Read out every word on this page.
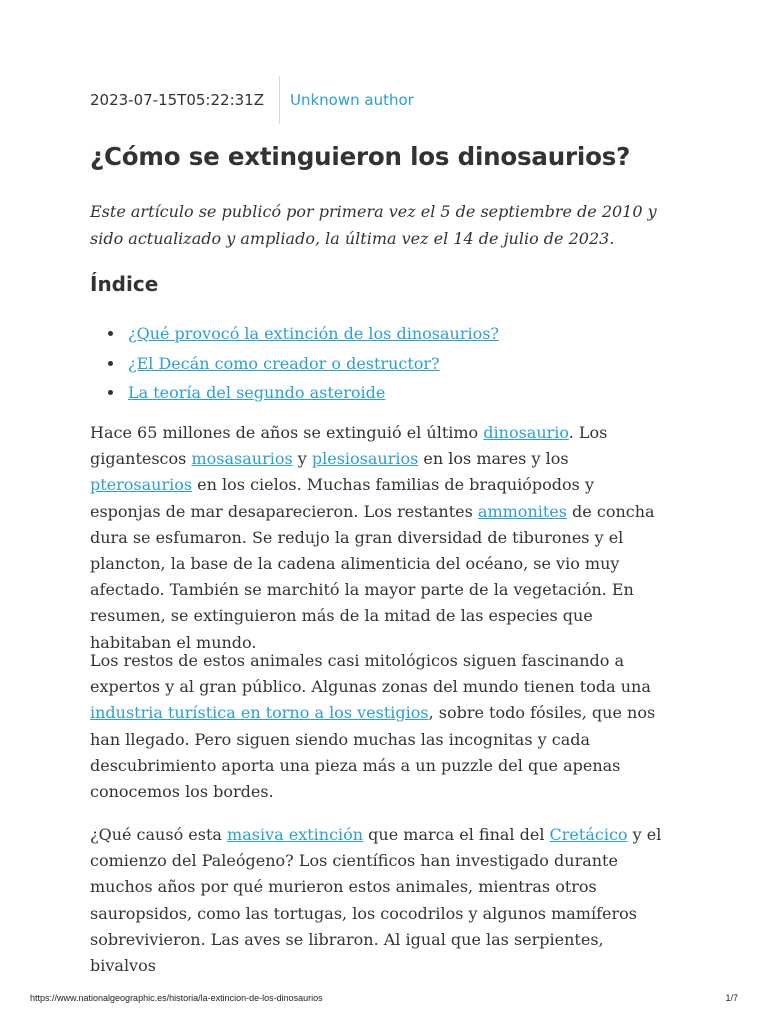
2023-07-15T05:22:31Z	Unknown author
¿Cómo se extinguieron los dinosaurios?

Este artículo se publicó por primera vez el 5 de septiembre de 2010 y sido actualizado y ampliado, la última vez el 14 de julio de 2023.

Índice
¿Qué provocó la extinción de los dinosaurios?
¿El Decán como creador o destructor?
La teoría del segundo asteroide

Hace 65 millones de años se extinguió el último dinosaurio. Los gigantescos mosasaurios y plesiosaurios en los mares y los pterosaurios en los cielos. Muchas familias de braquiópodos y esponjas de mar desaparecieron. Los restantes ammonites de concha dura se esfumaron. Se redujo la gran diversidad de tiburones y el plancton, la base de la cadena alimenticia del océano, se vio muy afectado. También se marchitó la mayor parte de la vegetación. En resumen, se extinguieron más de la mitad de las especies que habitaban el mundo.

Los restos de estos animales casi mitológicos siguen fascinando a expertos y al gran público. Algunas zonas del mundo tienen toda una industria turística en torno a los vestigios, sobre todo fósiles, que nos han llegado. Pero siguen siendo muchas las incognitas y cada descubrimiento aporta una pieza más a un puzzle del que apenas conocemos los bordes.

¿Qué causó esta masiva extinción que marca el final del Cretácico y el comienzo del Paleógeno? Los científicos han investigado durante muchos años por qué murieron estos animales, mientras otros sauropsidos, como las tortugas, los cocodrilos y algunos mamíferos sobrevivieron. Las aves se libraron. Al igual que las serpientes, bivalvos

https://www.nationalgeographic.es/historia/la-extincion-de-los-dinosaurios	1/7
